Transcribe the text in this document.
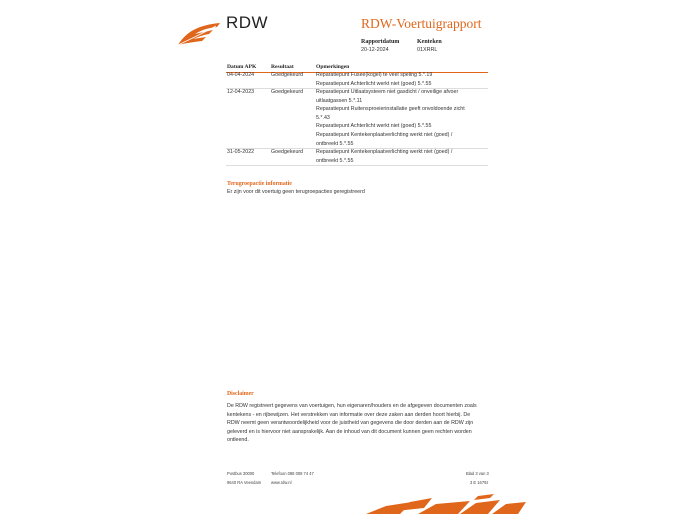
RDW	RDW-Voertuigrapport
Rapportdatum	Kenteken
20-12-2024	01XRRL
Datum APK	Resultaat	Opmerkingen
04-04-2024	Goedgekeurd Reparatiepunt Fusee(kogel) te veel speling 5.*.19
Reparatiepunt Achterlicht werkt niet (goed) 5.*.55
12-04-2023	Goedgekeurd Reparatiepunt Uitlaatsysteem niet gasdicht / onveilige afvoer
uitlaatgassen 5.*.11
Reparatiepunt Ruitensproeierinstallatie geeft onvoldoende zicht
5.*.43
Reparatiepunt Achterlicht werkt niet (goed) 5.*.55
Reparatiepunt Kentekenplaatverlichting werkt niet (goed) /
ontbreekt 5.*.55
31-05-2022	Goedgekeurd Reparatiepunt Kentekenplaatverlichting werkt niet (goed) /
ontbreekt 5.*.55
Terugroepactie informatie
Er zijn voor dit voertuig geen terugroepacties geregistreerd
Disclaimer
De RDW registreert gegevens van voertuigen, hun eigenaren/houders en de afgegeven documenten zoals
kentekens - en rijbewijzen. Het verstrekken van informatie over deze zaken aan derden hoort hierbij. De
RDW neemt geen verantwoordelijkheid voor de juistheid van gegevens die door derden aan de RDW zijn
geleverd en is hiervoor niet aansprakelijk. Aan de inhoud van dit document kunnen geen rechten worden
ontleend.
Postbus 30000
9640 RA Veendam
Telefoon 088 008 74 47
www.rdw.nl
Blad 3 van 3
3 E 1679z
